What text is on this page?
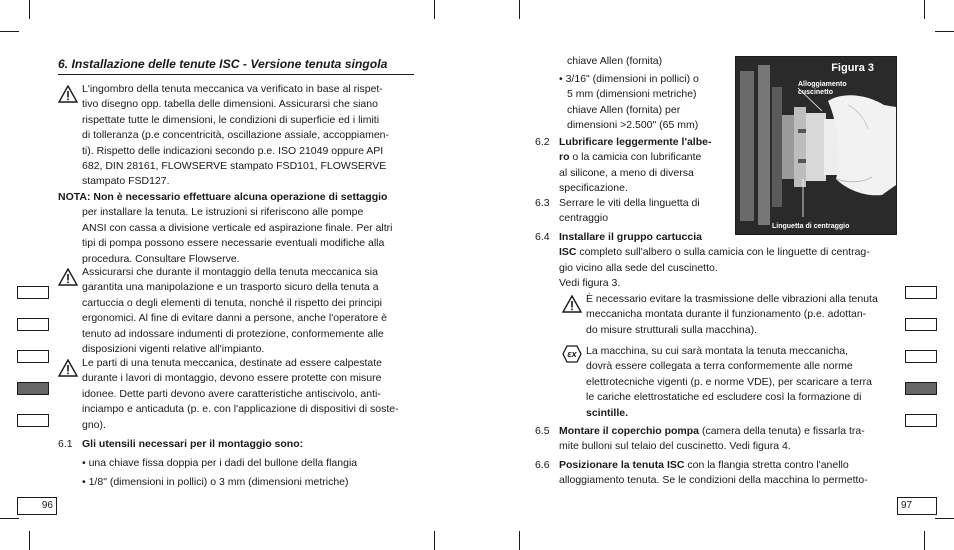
96	97
6. Installazione delle tenute ISC - Versione tenuta singola

L'ingombro della tenuta meccanica va verificato in base al rispet-

tivo disegno opp. tabella delle dimensioni. Assicurarsi che siano

rispettate tutte le dimensioni, le condizioni di superficie ed i limiti

di tolleranza (p.e concentricità, oscillazione assiale, accoppiamen-

ti). Rispetto delle indicazioni secondo p.e. ISO 21049 oppure API

682, DIN 28161, FLOWSERVE stampato FSD101, FLOWSERVE

stampato FSD127.

NOTA: Non è necessario effettuare alcuna operazione di settaggio

per installare la tenuta. Le istruzioni si riferiscono alle pompe

ANSI con cassa a divisione verticale ed aspirazione finale. Per altri

tipi di pompa possono essere necessarie eventuali modifiche alla

procedura. Consultare Flowserve.

Assicurarsi che durante il montaggio della tenuta meccanica sia

garantita una manipolazione e un trasporto sicuro della tenuta a

cartuccia o degli elementi di tenuta, nonché il rispetto dei principi

ergonomici. Al fine di evitare danni a persone, anche l'operatore è

tenuto ad indossare indumenti di protezione, conformemente alle

disposizioni vigenti relative all'impianto.

Le parti di una tenuta meccanica, destinate ad essere calpestate

durante i lavori di montaggio, devono essere protette con misure

idonee. Dette parti devono avere caratteristiche antiscivolo, anti-

inciampo e anticaduta (p. e. con l'applicazione di dispositivi di soste-

gno).

6.1 Gli utensili necessari per il montaggio sono:
• una chiave fissa doppia per i dadi del bullone della flangia
• 1/8" (dimensioni in pollici) o 3 mm (dimensioni metriche)
chiave Allen (fornita)

• 3/16" (dimensioni in pollici) o

5 mm (dimensioni metriche)

chiave Allen (fornita) per

dimensioni >2.500" (65 mm)

6.2 Lubrificare leggermente l'albe-

ro o la camicia con lubrificante

al silicone, a meno di diversa

specificazione.

6.3 Serrare le viti della linguetta di

centraggio

6.4 Installare il gruppo cartuccia

ISC completo sull'albero o sulla camicia con le linguette di centrag-

gio vicino alla sede del cuscinetto.

Vedi figura 3.

È necessario evitare la trasmissione delle vibrazioni alla tenuta

meccanicha montata durante il funzionamento (p.e. adottan-

do misure strutturali sulla macchina).

εx La macchina, su cui sarà montata la tenuta meccanicha,

dovrà essere collegata a terra conformemente alle norme

elettrotecniche vigenti (p. e norme VDE), per scaricare a terra

le cariche elettrostatiche ed escludere così la formazione di

scintille.

6.5 Montare il coperchio pompa (camera della tenuta) e fissarla tra-

mite bulloni sul telaio del cuscinetto. Vedi figura 4.

6.6 Posizionare la tenuta ISC con la flangia stretta contro l'anello

alloggiamento tenuta. Se le condizioni della macchina lo permetto-

Figura 3
Alloggiamento
cuscinetto
Linguetta di centraggio
